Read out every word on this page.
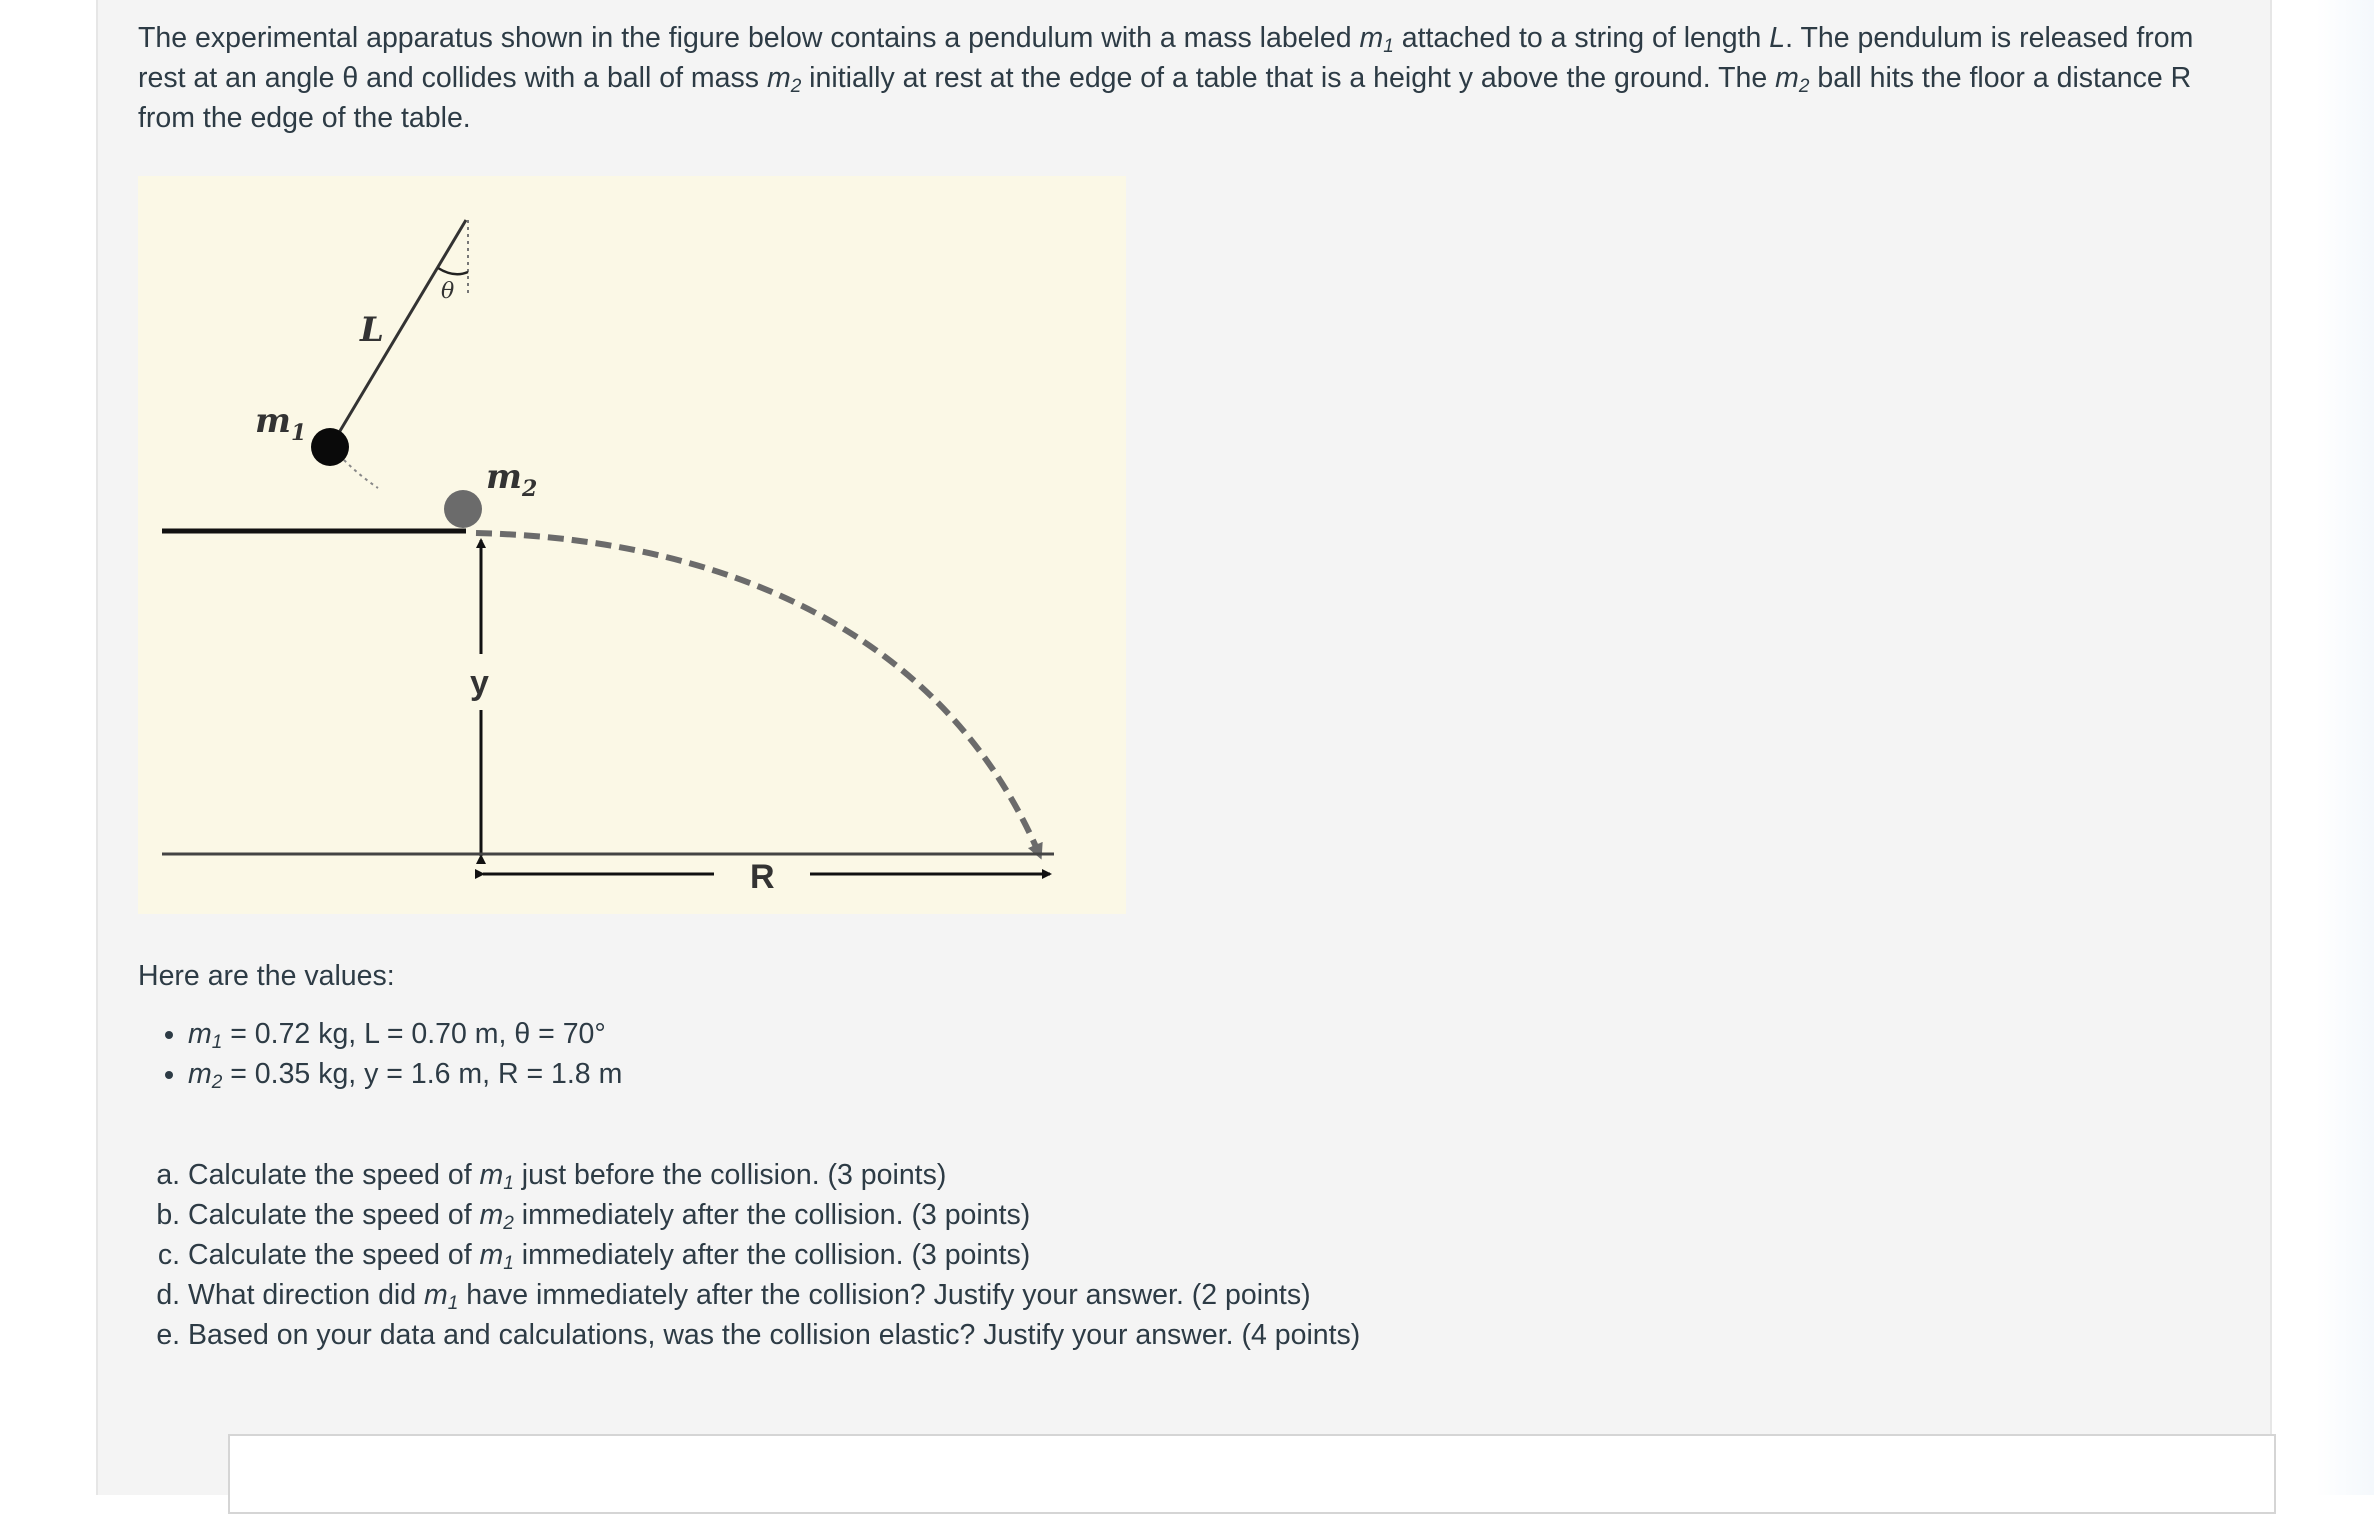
The experimental apparatus shown in the figure below contains a pendulum with a mass labeled $m_1$ attached to a string of length L. The pendulum is released from rest at an angle θ and collides with a ball of mass $m_2$ initially at rest at the edge of a table that is a height y above the ground. The $m_2$ ball hits the floor a distance R from the edge of the table.

θ
L
$m_1$
$m_2$
y
R

Here are the values:

• $m_1 = 0.72$ kg, L = 0.70 m, θ = 70°
• $m_2 = 0.35$ kg, y = 1.6 m, R = 1.8 m
a. Calculate the speed of $m_1$ just before the collision. (3 points)
b. Calculate the speed of $m_2$ immediately after the collision. (3 points)
c. Calculate the speed of $m_1$ immediately after the collision. (3 points)
d. What direction did $m_1$ have immediately after the collision? Justify your answer. (2 points)
e. Based on your data and calculations, was the collision elastic? Justify your answer. (4 points)
